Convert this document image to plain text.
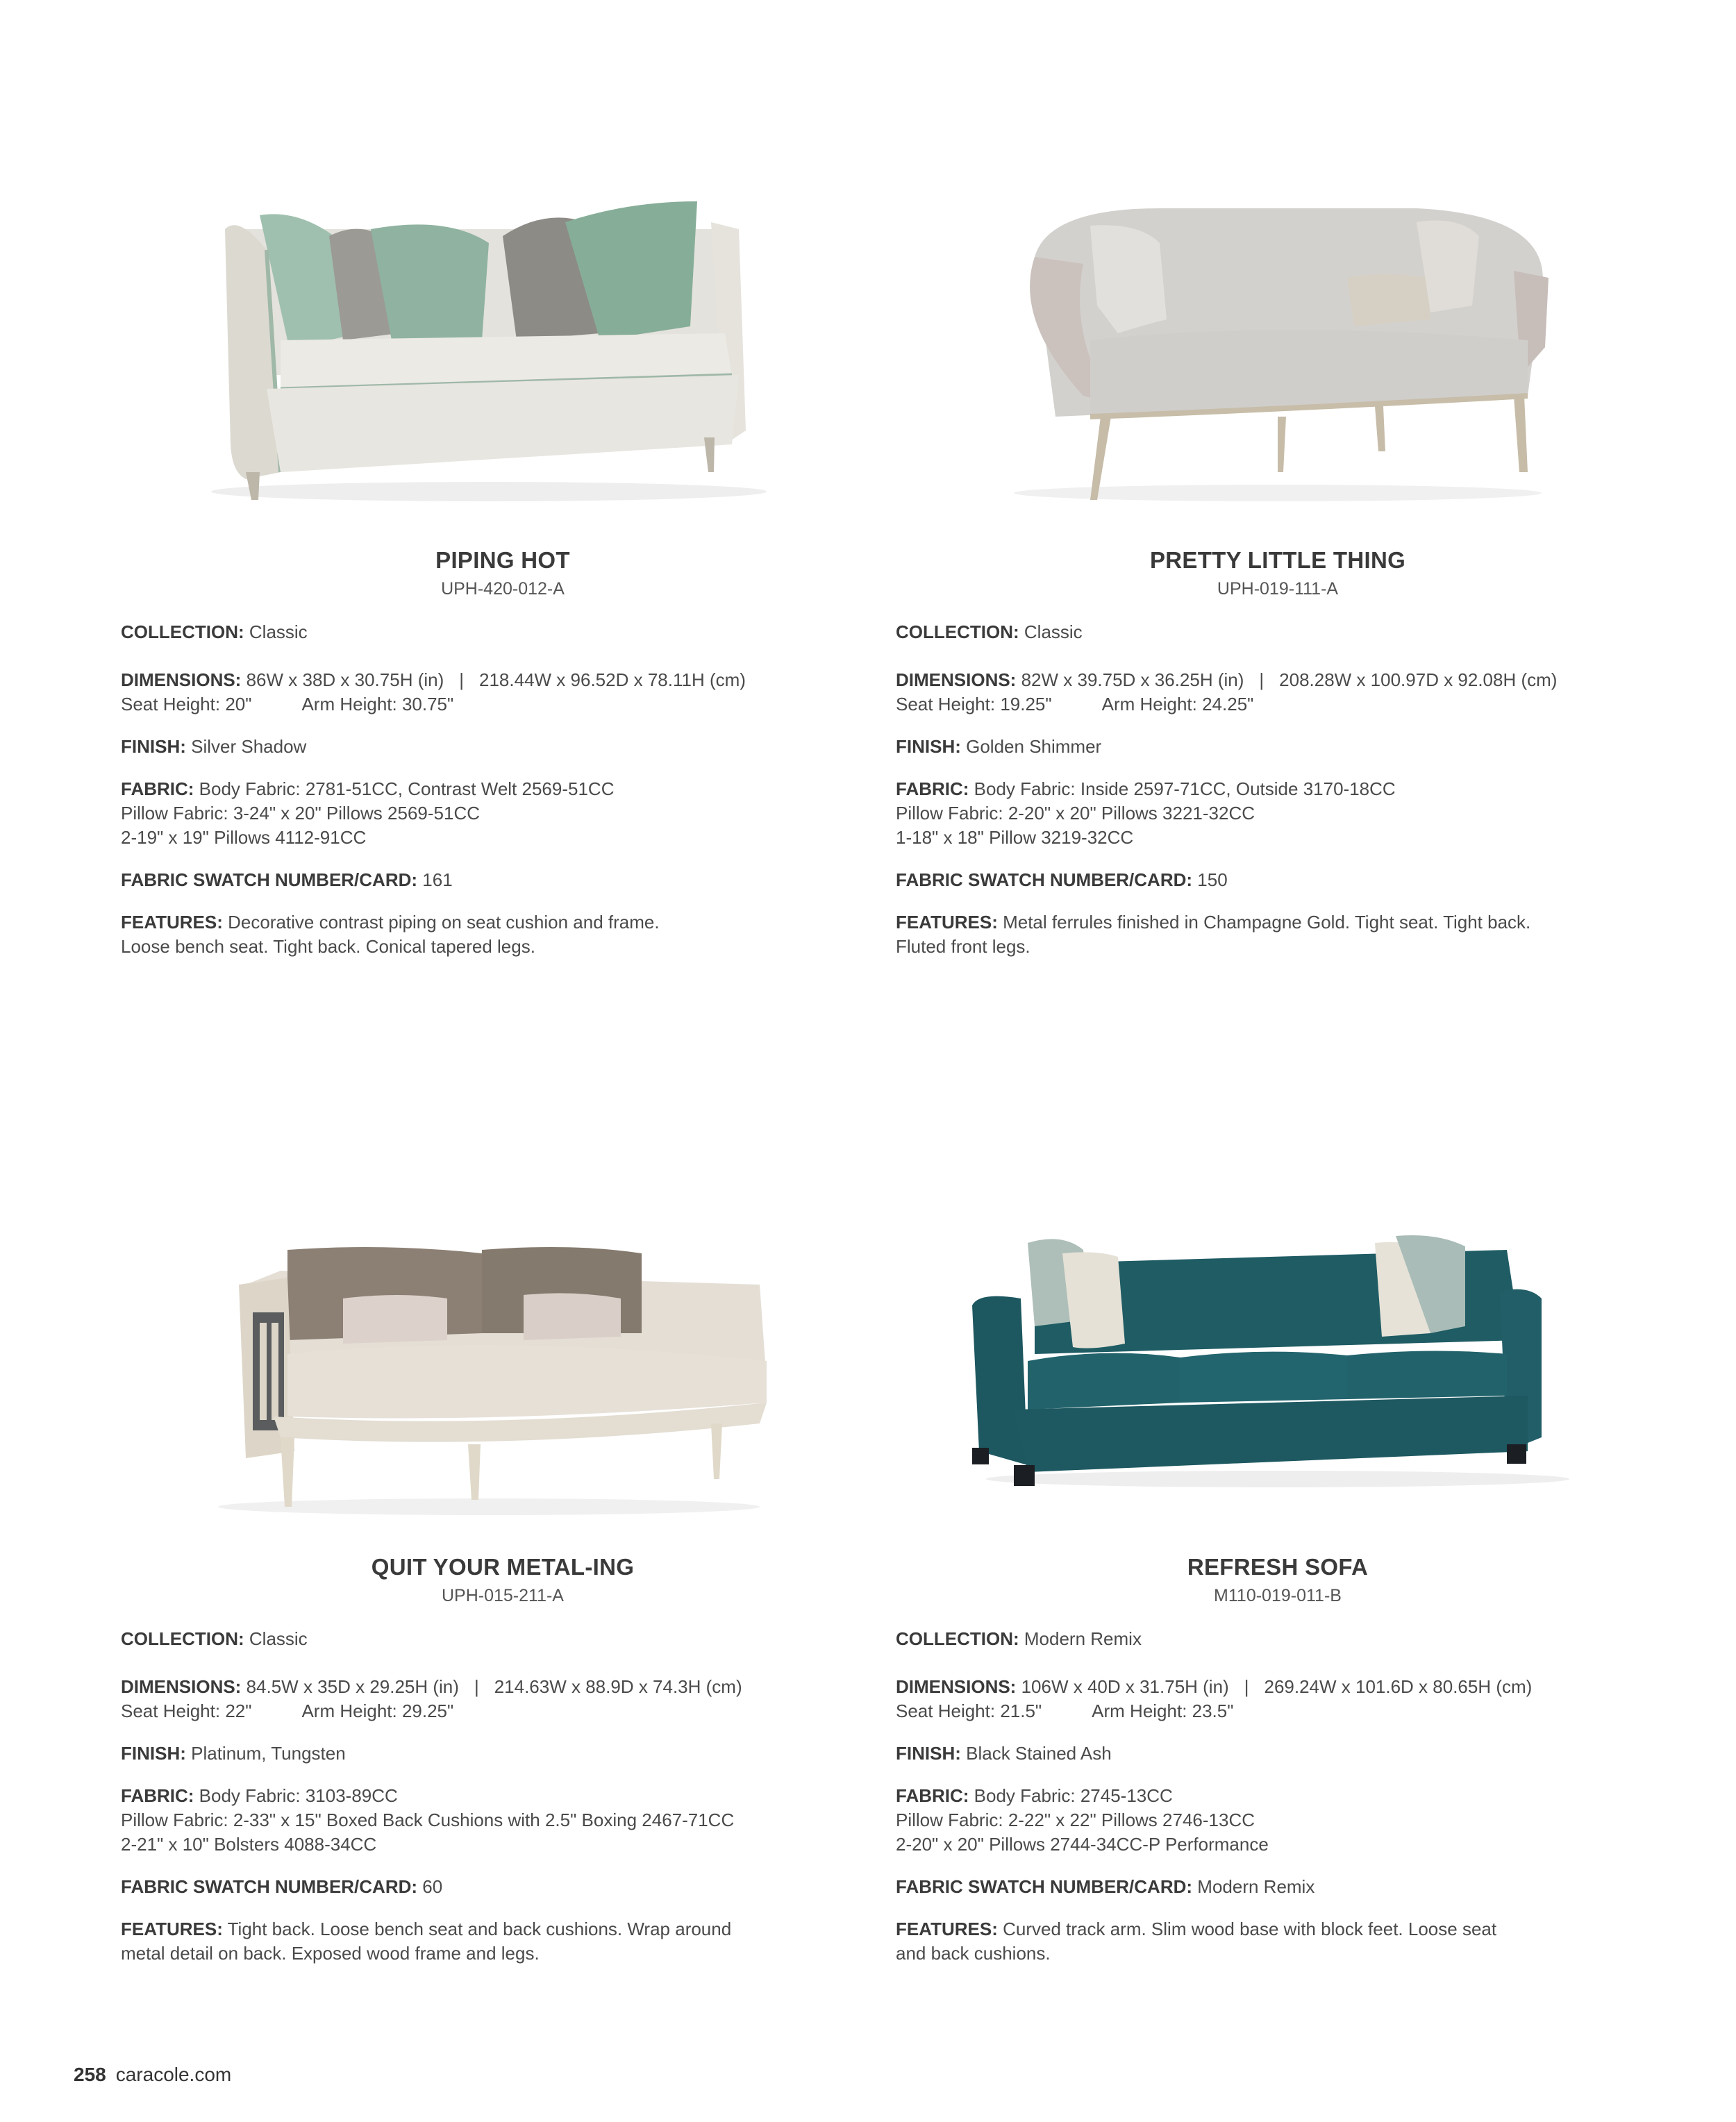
PIPING HOT
UPH-420-012-A
COLLECTION: Classic
DIMENSIONS: 86W x 38D x 30.75H (in) | 218.44W x 96.52D x 78.11H (cm)
Seat Height: 20"	Arm Height: 30.75"
FINISH: Silver Shadow
FABRIC: Body Fabric: 2781-51CC, Contrast Welt 2569-51CC
Pillow Fabric: 3-24" x 20" Pillows 2569-51CC
2-19" x 19" Pillows 4112-91CC
FABRIC SWATCH NUMBER/CARD: 161
FEATURES: Decorative contrast piping on seat cushion and frame.
Loose bench seat. Tight back. Conical tapered legs.
PRETTY LITTLE THING
UPH-019-111-A
COLLECTION: Classic
DIMENSIONS: 82W x 39.75D x 36.25H (in) | 208.28W x 100.97D x 92.08H (cm)
Seat Height: 19.25"	Arm Height: 24.25"
FINISH: Golden Shimmer
FABRIC: Body Fabric: Inside 2597-71CC, Outside 3170-18CC
Pillow Fabric: 2-20" x 20" Pillows 3221-32CC
1-18" x 18" Pillow 3219-32CC
FABRIC SWATCH NUMBER/CARD: 150
FEATURES: Metal ferrules finished in Champagne Gold. Tight seat. Tight back.
Fluted front legs.
QUIT YOUR METAL-ING
UPH-015-211-A
COLLECTION: Classic
DIMENSIONS: 84.5W x 35D x 29.25H (in) | 214.63W x 88.9D x 74.3H (cm)
Seat Height: 22"	Arm Height: 29.25"
FINISH: Platinum, Tungsten
FABRIC: Body Fabric: 3103-89CC
Pillow Fabric: 2-33" x 15" Boxed Back Cushions with 2.5" Boxing 2467-71CC
2-21" x 10" Bolsters 4088-34CC
FABRIC SWATCH NUMBER/CARD: 60
FEATURES: Tight back. Loose bench seat and back cushions. Wrap around
metal detail on back. Exposed wood frame and legs.
REFRESH SOFA
M110-019-011-B
COLLECTION: Modern Remix
DIMENSIONS: 106W x 40D x 31.75H (in) | 269.24W x 101.6D x 80.65H (cm)
Seat Height: 21.5"	Arm Height: 23.5"
FINISH: Black Stained Ash
FABRIC: Body Fabric: 2745-13CC
Pillow Fabric: 2-22" x 22" Pillows 2746-13CC
2-20" x 20" Pillows 2744-34CC-P Performance
FABRIC SWATCH NUMBER/CARD: Modern Remix
FEATURES: Curved track arm. Slim wood base with block feet. Loose seat
and back cushions.
258 caracole.com
